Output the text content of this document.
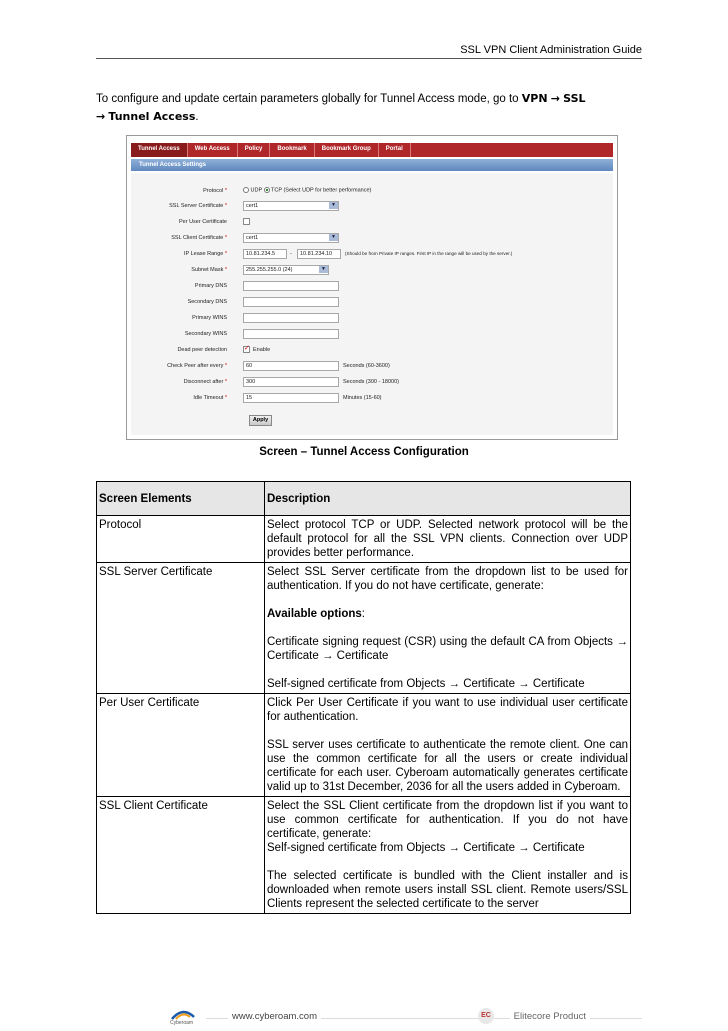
SSL VPN Client Administration Guide
To configure and update certain parameters globally for Tunnel Access mode, go to VPN → SSL
→ Tunnel Access.
Tunnel Access	Web Access	Policy	Bookmark	Bookmark Group	Portal
Tunnel Access Settings
Protocol *	UDP TCP (Select UDP for better performance)
SSL Server Certificate *	cert1	▼
Per User Certificate
SSL Client Certificate *	cert1	▼
IP Lease Range *	10.81.234.5	-	10.81.234.10	(Should be from Private IP ranges. First IP in the range will be used by the server.)
Subnet Mask *	255.255.255.0 (24)	▼
Primary DNS
Secondary DNS
Primary WINS
Secondary WINS
Dead peer detection ✓	Enable
Check Peer after every *	60	Seconds (60-3600)
Disconnect after *	300	Seconds (300 - 18000)
Idle Timeout *	15	Minutes (15-60)
Apply
Screen – Tunnel Access Configuration
Screen Elements	Description
Protocol	Select protocol TCP or UDP. Selected network protocol will be the default protocol for all the SSL VPN clients. Connection over UDP provides better performance.

SSL Server Certificate	Select SSL Server certificate from the dropdown list to be used for authentication. If you do not have certificate, generate:

Available options:

Certificate signing request (CSR) using the default CA from Objects → Certificate → Certificate

Self-signed certificate from Objects → Certificate → Certificate

Per User Certificate	Click Per User Certificate if you want to use individual user certificate for authentication.

SSL server uses certificate to authenticate the remote client. One can use the common certificate for all the users or create individual certificate for each user. Cyberoam automatically generates certificate valid up to 31st December, 2036 for all the users added in Cyberoam.

SSL Client Certificate	Select the SSL Client certificate from the dropdown list if you want to use common certificate for authentication. If you do not have certificate, generate:

Self-signed certificate from Objects → Certificate → Certificate

The selected certificate is bundled with the Client installer and is downloaded when remote users install SSL client. Remote users/SSL Clients represent the selected certificate to the server

Cyberoam
www.cyberoam.com	EC	Elitecore Product
